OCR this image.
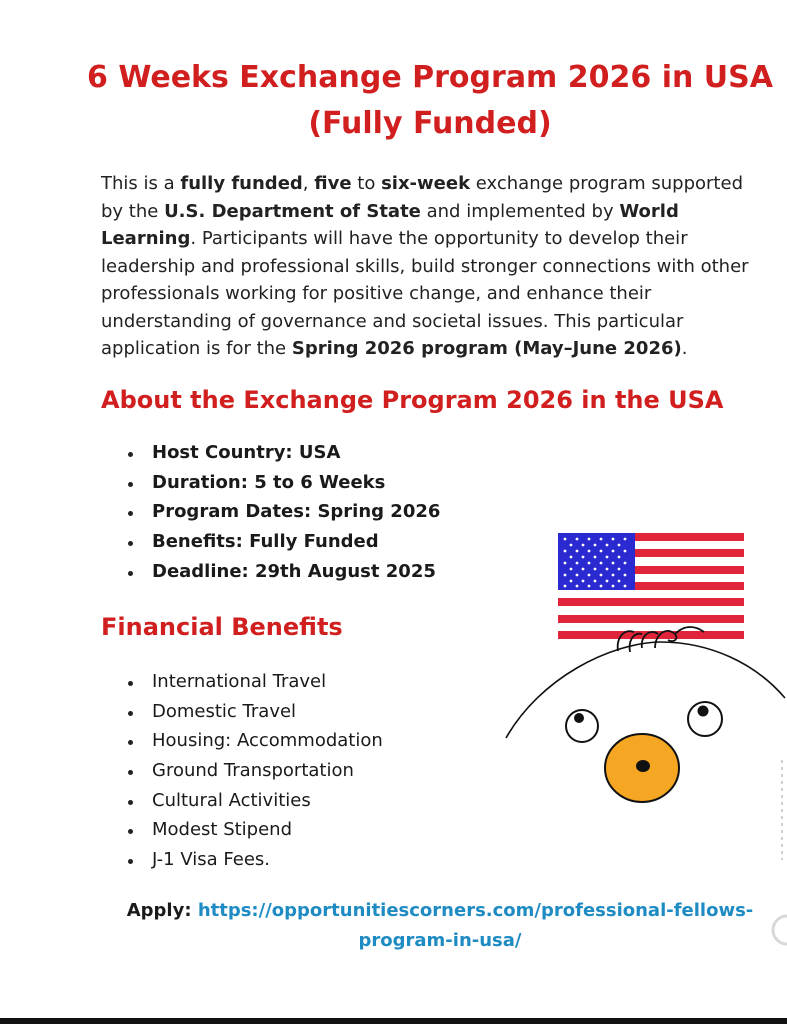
6 Weeks Exchange Program 2026 in USA
(Fully Funded)

This is a fully funded, five to six-week exchange program supported by the U.S. Department of State and implemented by World Learning. Participants will have the opportunity to develop their leadership and professional skills, build stronger connections with other professionals working for positive change, and enhance their understanding of governance and societal issues. This particular application is for the Spring 2026 program (May–June 2026).

About the Exchange Program 2026 in the USA
Host Country: USA
Duration: 5 to 6 Weeks
Program Dates: Spring 2026
Benefits: Fully Funded
Deadline: 29th August 2025
Financial Benefits
International Travel
Domestic Travel
Housing: Accommodation
Ground Transportation
Cultural Activities
Modest Stipend
J-1 Visa Fees.
Apply: https://opportunitiescorners.com/professional-fellows-
program-in-usa/
